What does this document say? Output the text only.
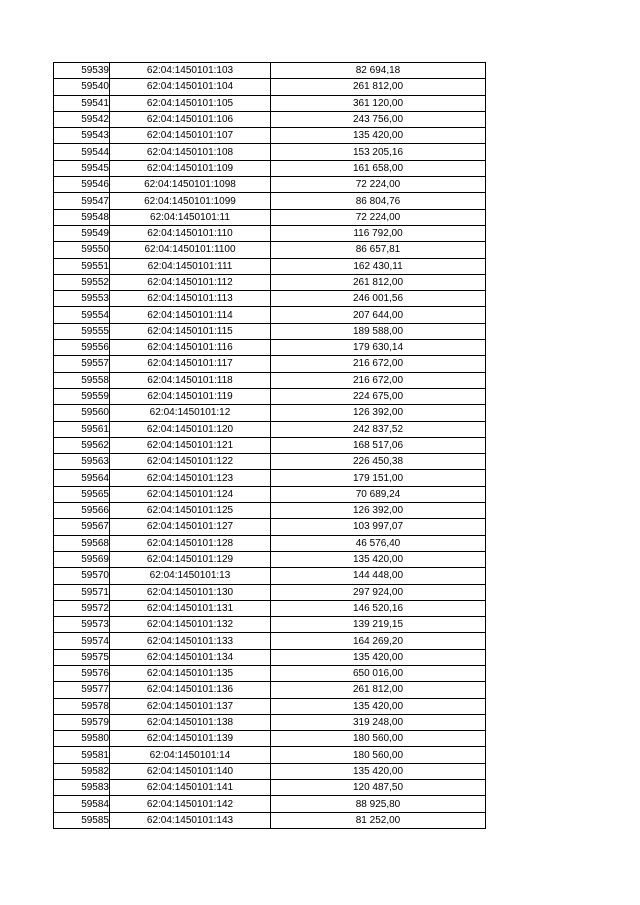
59539	62:04:1450101:103	82 694,18
59540	62:04:1450101:104	261 812,00
59541	62:04:1450101:105	361 120,00
59542	62:04:1450101:106	243 756,00
59543	62:04:1450101:107	135 420,00
59544	62:04:1450101:108	153 205,16
59545	62:04:1450101:109	161 658,00
59546	62:04:1450101:1098	72 224,00
59547	62:04:1450101:1099	86 804,76
59548	62:04:1450101:11	72 224,00
59549	62:04:1450101:110	116 792,00
59550	62:04:1450101:1100	86 657,81
59551	62:04:1450101:111	162 430,11
59552	62:04:1450101:112	261 812,00
59553	62:04:1450101:113	246 001,56
59554	62:04:1450101:114	207 644,00
59555	62:04:1450101:115	189 588,00
59556	62:04:1450101:116	179 630,14
59557	62:04:1450101:117	216 672,00
59558	62:04:1450101:118	216 672,00
59559	62:04:1450101:119	224 675,00
59560	62:04:1450101:12	126 392,00
59561	62:04:1450101:120	242 837,52
59562	62:04:1450101:121	168 517,06
59563	62:04:1450101:122	226 450,38
59564	62:04:1450101:123	179 151,00
59565	62:04:1450101:124	70 689,24
59566	62:04:1450101:125	126 392,00
59567	62:04:1450101:127	103 997,07
59568	62:04:1450101:128	46 576,40
59569	62:04:1450101:129	135 420,00
59570	62:04:1450101:13	144 448,00
59571	62:04:1450101:130	297 924,00
59572	62:04:1450101:131	146 520,16
59573	62:04:1450101:132	139 219,15
59574	62:04:1450101:133	164 269,20
59575	62:04:1450101:134	135 420,00
59576	62:04:1450101:135	650 016,00
59577	62:04:1450101:136	261 812,00
59578	62:04:1450101:137	135 420,00
59579	62:04:1450101:138	319 248,00
59580	62:04:1450101:139	180 560,00
59581	62:04:1450101:14	180 560,00
59582	62:04:1450101:140	135 420,00
59583	62:04:1450101:141	120 487,50
59584	62:04:1450101:142	88 925,80
59585	62:04:1450101:143	81 252,00
